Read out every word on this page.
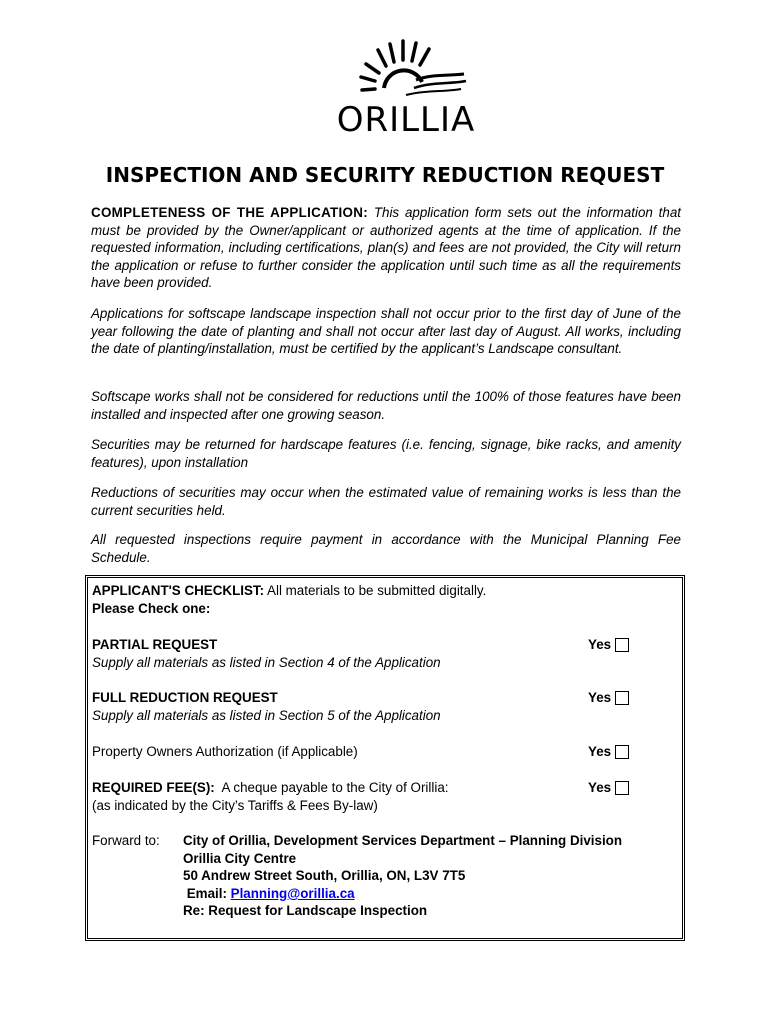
ORILLIA
INSPECTION AND SECURITY REDUCTION REQUEST
COMPLETENESS OF THE APPLICATION: This application form sets out the information that must be provided by the Owner/applicant or authorized agents at the time of application. If the requested information, including certifications, plan(s) and fees are not provided, the City will return the application or refuse to further consider the application until such time as all the requirements have been provided.
Applications for softscape landscape inspection shall not occur prior to the first day of June of the year following the date of planting and shall not occur after last day of August. All works, including the date of planting/installation, must be certified by the applicant’s Landscape consultant.
Softscape works shall not be considered for reductions until the 100% of those features have been installed and inspected after one growing season.
Securities may be returned for hardscape features (i.e. fencing, signage, bike racks, and amenity features), upon installation
Reductions of securities may occur when the estimated value of remaining works is less than the current securities held.
All requested inspections require payment in accordance with the Municipal Planning Fee Schedule.
APPLICANT'S CHECKLIST: All materials to be submitted digitally.
Please Check one:
PARTIAL REQUEST
Supply all materials as listed in Section 4 of the Application
Yes
FULL REDUCTION REQUEST
Supply all materials as listed in Section 5 of the Application
Yes
Property Owners Authorization (if Applicable)	Yes
REQUIRED FEE(S): A cheque payable to the City of Orillia:
(as indicated by the City’s Tariffs & Fees By-law)
Yes
Forward to: City of Orillia, Development Services Department – Planning Division
Orillia City Centre
50 Andrew Street South, Orillia, ON, L3V 7T5
Email: Planning@orillia.ca
Re: Request for Landscape Inspection
